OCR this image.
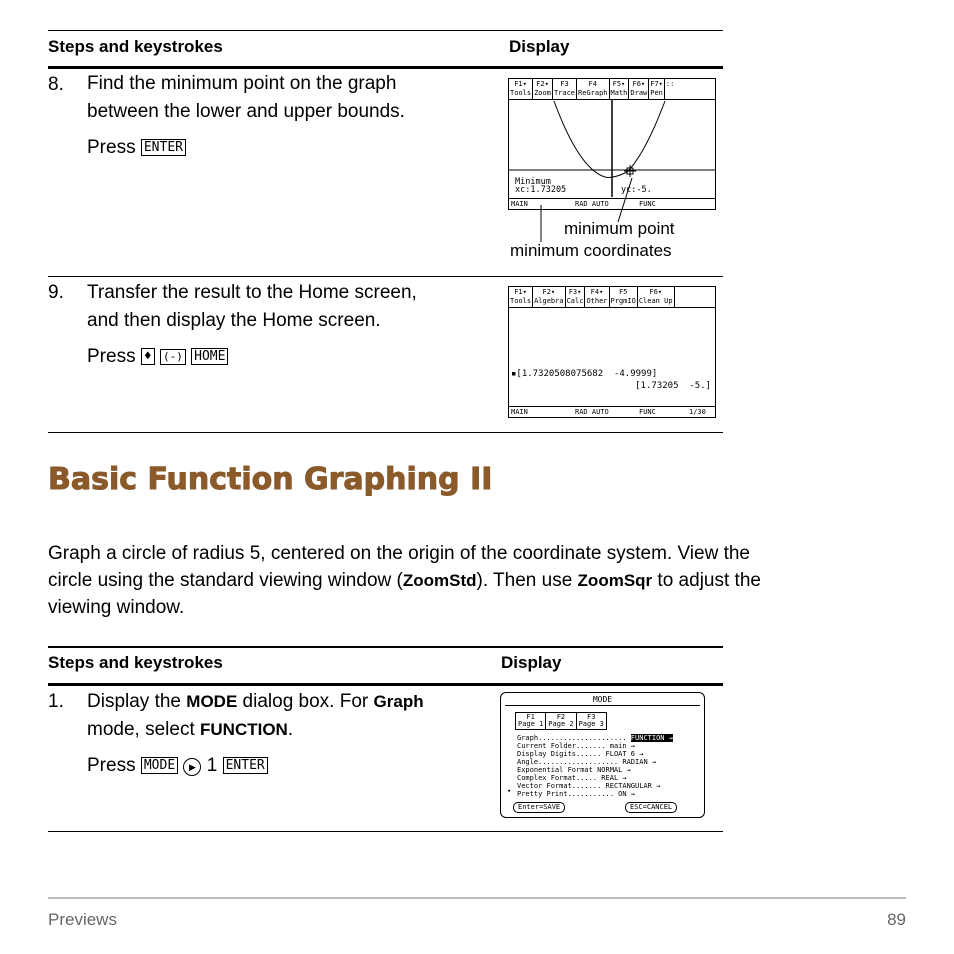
Steps and keystrokes	Display
8. Find the minimum point on the graph
between the lower and upper bounds.
Press ENTER
F1▾
Tools
F2▾
Zoom
F3
Trace
F4
ReGraph
F5▾
Math
F6▾
Draw
F7▾
Pen
::
Minimum
xc:1.73205	yc:-5.
MAIN	RAD AUTO	FUNC
minimum point
minimum coordinates
9. Transfer the result to the Home screen,
and then display the Home screen.
Press ♦ (-) HOME
F1▾
Tools
F2▾
Algebra
F3▾
Calc
F4▾
Other
F5
PrgmIO
F6▾
Clean Up
▪[1.7320508075682  -4.9999]
[1.73205  -5.]
MAIN	RAD AUTO	FUNC	1/30
Basic Function Graphing II
Graph a circle of radius 5, centered on the origin of the coordinate system. View the
circle using the standard viewing window (ZoomStd). Then use ZoomSqr to adjust the
viewing window.
Steps and keystrokes	Display
1. Display the MODE dialog box. For Graph
mode, select FUNCTION.
Press MODE ▶ 1 ENTER
MODE
F1
Page 1
F2
Page 2
F3
Page 3
Graph..................... FUNCTION →
Current Folder....... main →
Display Digits...... FLOAT 6 →
Angle................... RADIAN →
Exponential Format NORMAL →
Complex Format..... REAL →
Vector Format....... RECTANGULAR →
Pretty Print........... ON →
▾
Enter=SAVE	ESC=CANCEL
Previews	89
